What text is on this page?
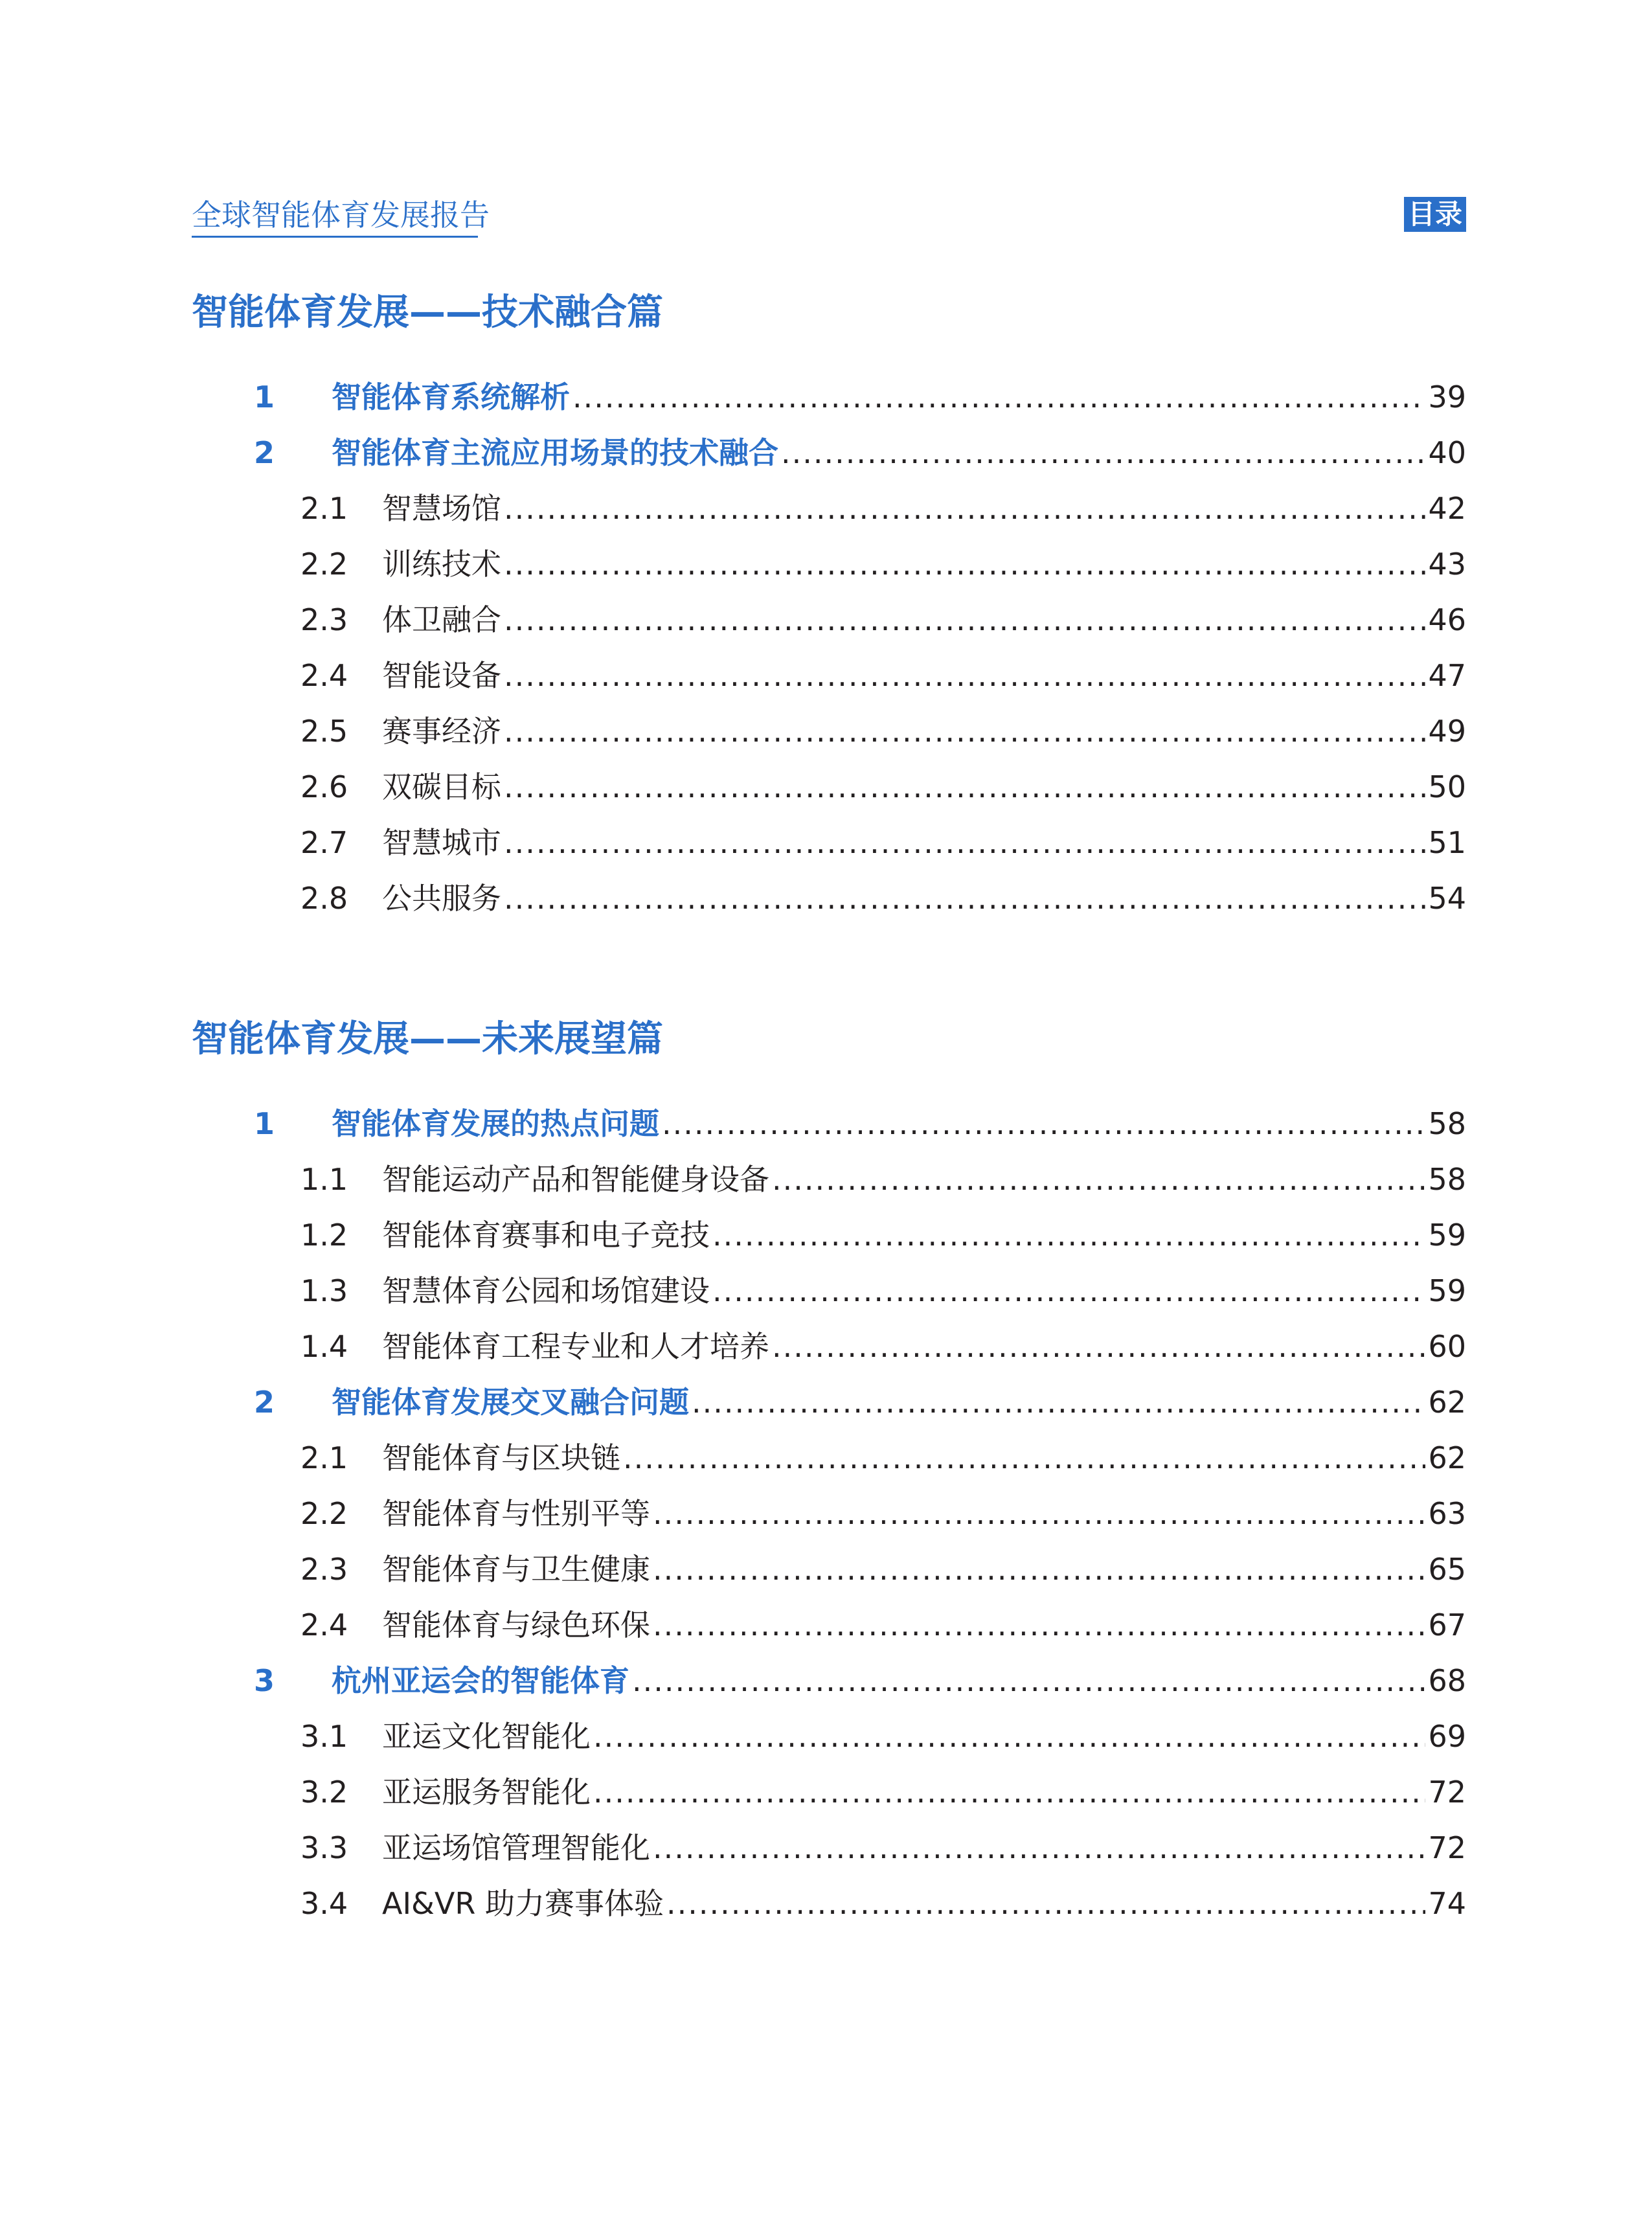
全球智能体育发展报告	目录
智能体育发展——技术融合篇
1	智能体育系统解析 .....	39
2	智能体育主流应用场景的技术融合 .....	40
2.1	智慧场馆 .....	42
2.2	训练技术 .....	43
2.3	体卫融合 .....	46
2.4	智能设备 .....	47
2.5	赛事经济 .....	49
2.6	双碳目标 .....	50
2.7	智慧城市 .....	51
2.8	公共服务 .....	54
智能体育发展——未来展望篇
1	智能体育发展的热点问题 .....	58
1.1	智能运动产品和智能健身设备 .....	58
1.2	智能体育赛事和电子竞技 .....	59
1.3	智慧体育公园和场馆建设 .....	59
1.4	智能体育工程专业和人才培养 .....	60
2	智能体育发展交叉融合问题 .....	62
2.1	智能体育与区块链 .....	62
2.2	智能体育与性别平等 .....	63
2.3	智能体育与卫生健康 .....	65
2.4	智能体育与绿色环保 .....	67
3	杭州亚运会的智能体育 .....	68
3.1	亚运文化智能化 .....	69
3.2	亚运服务智能化 .....	72
3.3	亚运场馆管理智能化 .....	72
3.4	AI&VR 助力赛事体验 .....	74
